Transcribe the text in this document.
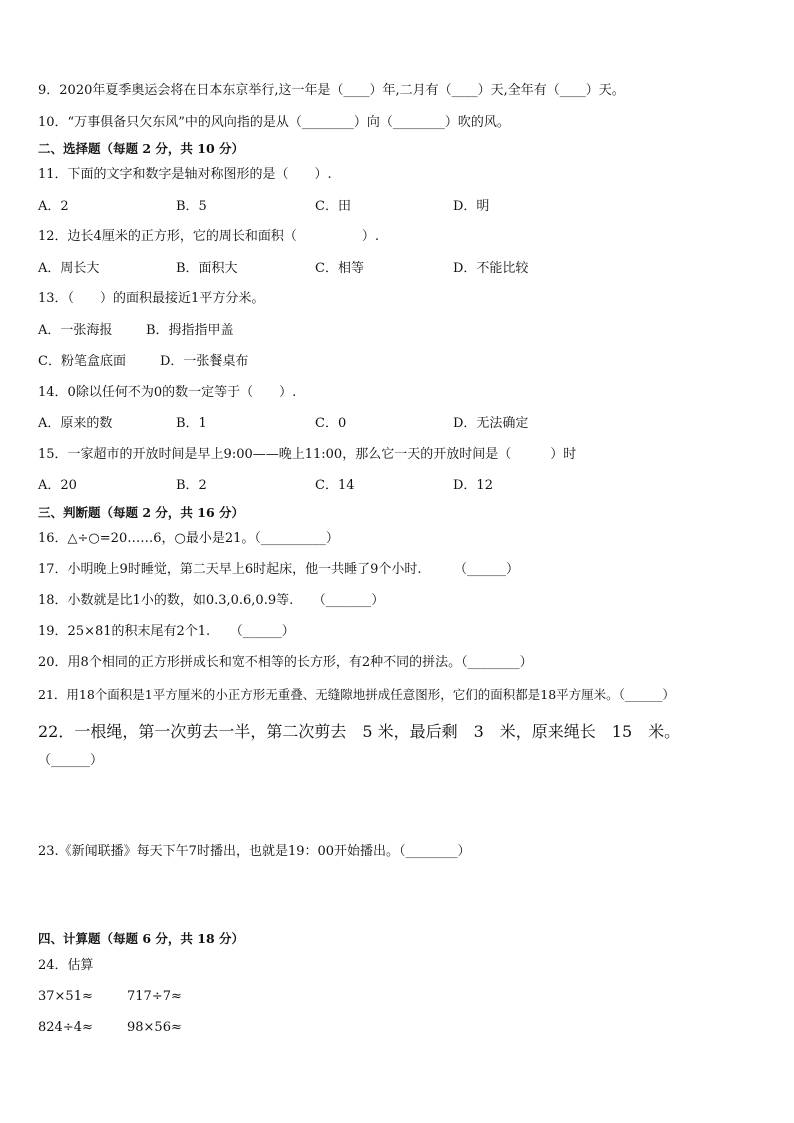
9．2020年夏季奥运会将在日本东京举行,这一年是（____）年,二月有（____）天,全年有（____）天。
10．“万事俱备只欠东风”中的风向指的是从（________）向（________）吹的风。
二、选择题（每题 2 分，共 10 分）
11．下面的文字和数字是轴对称图形的是（　　）.
A．2	B．5	C．田	D．明
12．边长4厘米的正方形，它的周长和面积（　　　　　）.
A．周长大	B．面积大	C．相等	D．不能比较
13．（　　）的面积最接近1平方分米。
A．一张海报	B．拇指指甲盖
C．粉笔盒底面	D．一张餐桌布
14．0除以任何不为0的数一定等于（　　）.
A．原来的数	B．1	C．0	D．无法确定
15．一家超市的开放时间是早上9:00——晚上11:00，那么它一天的开放时间是（　　　）时
A．20	B．2	C．14	D．12
三、判断题（每题 2 分，共 16 分）
16．△÷○=20……6，○最小是21。（__________）
17．小明晚上9时睡觉，第二天早上6时起床，他一共睡了9个小时.　　　（______）
18．小数就是比1小的数，如0.3,0.6,0.9等.　　（_______）
19．25×81的积末尾有2个1.　　（______）
20．用8个相同的正方形拼成长和宽不相等的长方形，有2种不同的拼法。（________）
21．用18个面积是1平方厘米的小正方形无重叠、无缝隙地拼成任意图形，它们的面积都是18平方厘米。（______）
22．一根绳，第一次剪去一半，第二次剪去　5 米，最后剩　3　米，原来绳长　15　米。
（______）
23.《新闻联播》每天下午7时播出，也就是19：00开始播出。（________）
四、计算题（每题 6 分，共 18 分）
24．估算
37×51≈	717÷7≈
824÷4≈	98×56≈
